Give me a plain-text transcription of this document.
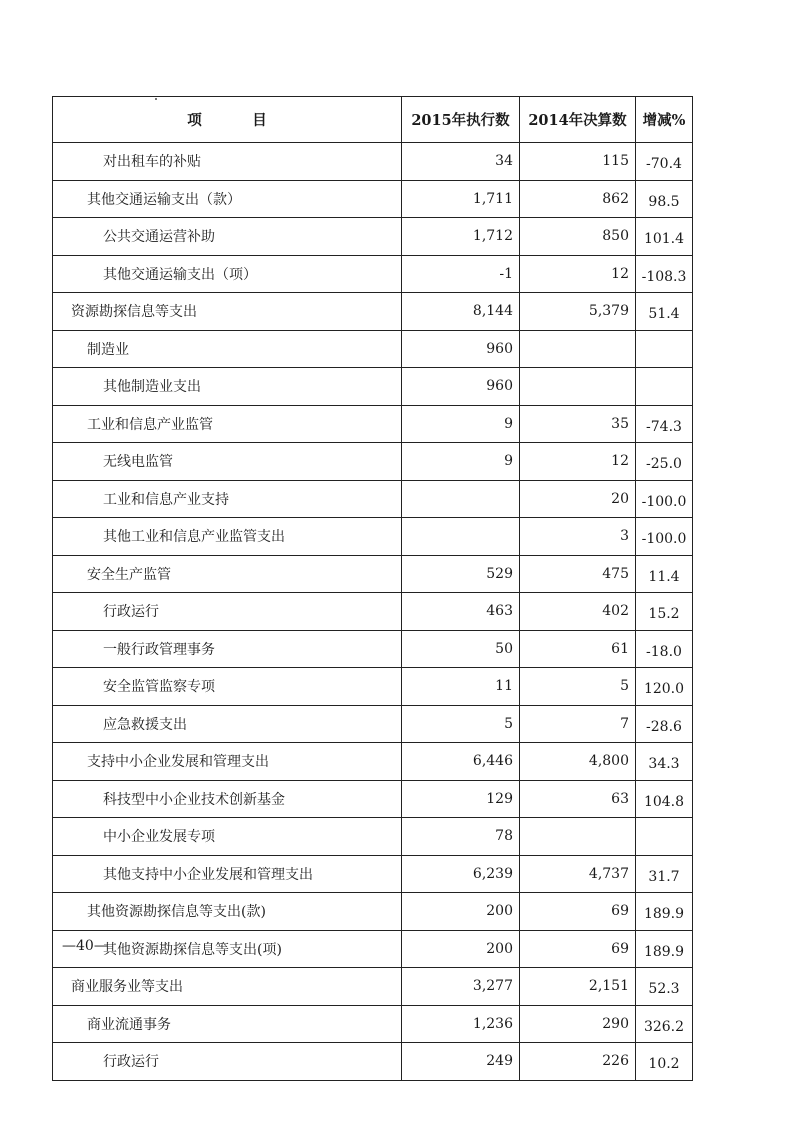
项　目	2015年执行数	2014年决算数	增减%
对出租车的补贴	34	115	-70.4
其他交通运输支出（款）	1,711	862	98.5
公共交通运营补助	1,712	850	101.4
其他交通运输支出（项）	-1	12	-108.3
资源勘探信息等支出	8,144	5,379	51.4
制造业	960		
其他制造业支出	960		
工业和信息产业监管	9	35	-74.3
无线电监管	9	12	-25.0
工业和信息产业支持		20	-100.0
其他工业和信息产业监管支出		3	-100.0
安全生产监管	529	475	11.4
行政运行	463	402	15.2
一般行政管理事务	50	61	-18.0
安全监管监察专项	11	5	120.0
应急救援支出	5	7	-28.6
支持中小企业发展和管理支出	6,446	4,800	34.3
科技型中小企业技术创新基金	129	63	104.8
中小企业发展专项	78		
其他支持中小企业发展和管理支出	6,239	4,737	31.7
其他资源勘探信息等支出(款)	200	69	189.9
其他资源勘探信息等支出(项)	200	69	189.9
商业服务业等支出	3,277	2,151	52.3
商业流通事务	1,236	290	326.2
行政运行	249	226	10.2
—40—
